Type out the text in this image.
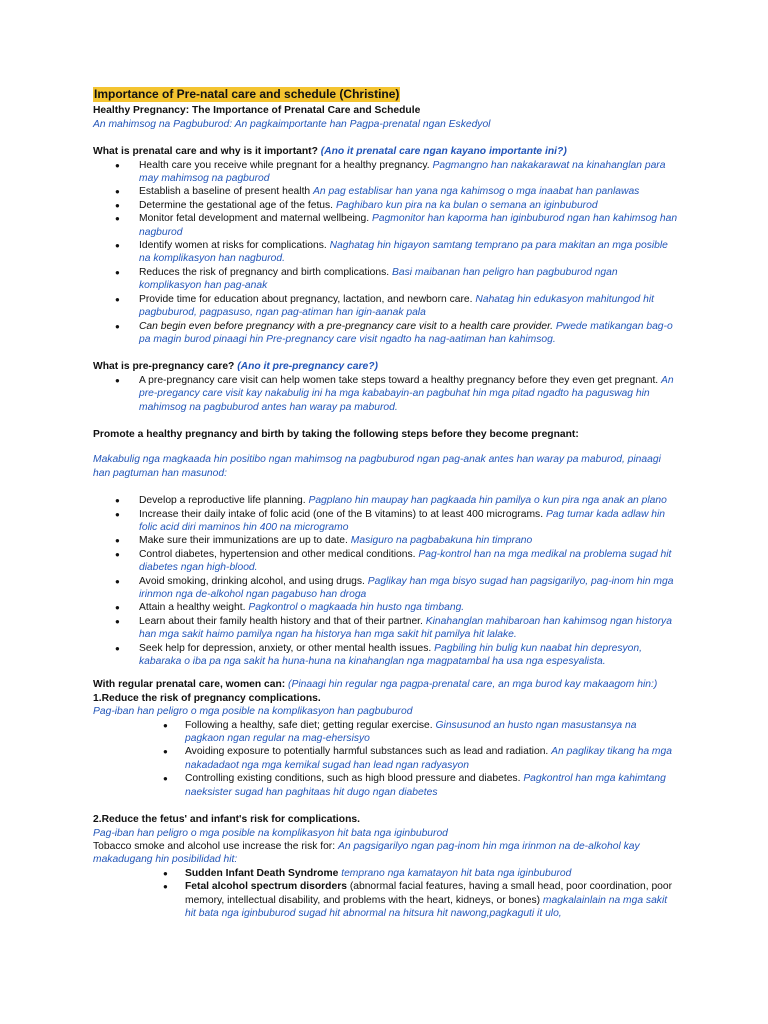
Importance of Pre-natal care and schedule (Christine)
Healthy Pregnancy: The Importance of Prenatal Care and Schedule
An mahimsog na Pagbuburod: An pagkaimportante han Pagpa-prenatal ngan Eskedyol
What is prenatal care and why is it important? (Ano it prenatal care ngan kayano importante ini?)
● Health care you receive while pregnant for a healthy pregnancy. Pagmangno han nakakarawat na kinahanglan para may mahimsog na pagburod
● Establish a baseline of present health An pag establisar han yana nga kahimsog o mga inaabat han panlawas
● Determine the gestational age of the fetus. Paghibaro kun pira na ka bulan o semana an iginbuburod
● Monitor fetal development and maternal wellbeing. Pagmonitor han kaporma han iginbuburod ngan han kahimsog han nagburod
● Identify women at risks for complications. Naghatag hin higayon samtang temprano pa para makitan an mga posible na komplikasyon han nagburod.
● Reduces the risk of pregnancy and birth complications. Basi maibanan han peligro han pagbuburod ngan komplikasyon han pag-anak
● Provide time for education about pregnancy, lactation, and newborn care. Nahatag hin edukasyon mahitungod hit pagbuburod, pagpasuso, ngan pag-atiman han igin-aanak pala
● Can begin even before pregnancy with a pre-pregnancy care visit to a health care provider. Pwede matikangan bag-o pa magin burod pinaagi hin Pre-pregnancy care visit ngadto ha nag-aatiman han kahimsog.
What is pre-pregnancy care? (Ano it pre-pregnancy care?)
● A pre-pregnancy care visit can help women take steps toward a healthy pregnancy before they even get pregnant. An pre-pregancy care visit kay nakabulig ini ha mga kababayin-an pagbuhat hin mga pitad ngadto ha paguswag hin mahimsog na pagbuburod antes han waray pa maburod.
Promote a healthy pregnancy and birth by taking the following steps before they become pregnant:
Makabulig nga magkaada hin positibo ngan mahimsog na pagbuburod ngan pag-anak antes han waray pa maburod, pinaagi han pagtuman han masunod:
● Develop a reproductive life planning. Pagplano hin maupay han pagkaada hin pamilya o kun pira nga anak an plano
● Increase their daily intake of folic acid (one of the B vitamins) to at least 400 micrograms. Pag tumar kada adlaw hin folic acid diri maminos hin 400 na microgramo
● Make sure their immunizations are up to date. Masiguro na pagbabakuna hin timprano
● Control diabetes, hypertension and other medical conditions. Pag-kontrol han na mga medikal na problema sugad hit diabetes ngan high-blood.
● Avoid smoking, drinking alcohol, and using drugs. Paglikay han mga bisyo sugad han pagsigarilyo, pag-inom hin mga irinmon nga de-alkohol ngan pagabuso han droga
● Attain a healthy weight. Pagkontrol o magkaada hin husto nga timbang.
● Learn about their family health history and that of their partner. Kinahanglan mahibaroan han kahimsog ngan historya han mga sakit haimo pamilya ngan ha historya han mga sakit hit pamilya hit lalake.
● Seek help for depression, anxiety, or other mental health issues. Pagbiling hin bulig kun naabat hin depresyon, kabaraka o iba pa nga sakit ha huna-huna na kinahanglan nga magpatambal ha usa nga espesyalista.
With regular prenatal care, women can: (Pinaagi hin regular nga pagpa-prenatal care, an mga burod kay makaagom hin:)
1.Reduce the risk of pregnancy complications.
Pag-iban han peligro o mga posible na komplikasyon han pagbuburod
● Following a healthy, safe diet; getting regular exercise. Ginsusunod an husto ngan masustansya na pagkaon ngan regular na mag-ehersisyo
● Avoiding exposure to potentially harmful substances such as lead and radiation. An paglikay tikang ha mga nakadadaot nga mga kemikal sugad han lead ngan radyasyon
● Controlling existing conditions, such as high blood pressure and diabetes. Pagkontrol han mga kahimtang naeksister sugad han paghitaas hit dugo ngan diabetes
2.Reduce the fetus' and infant's risk for complications.
Pag-iban han peligro o mga posible na komplikasyon hit bata nga iginbuburod
Tobacco smoke and alcohol use increase the risk for: An pagsigarilyo ngan pag-inom hin mga irinmon na de-alkohol kay makadugang hin posibilidad hit:
● Sudden Infant Death Syndrome temprano nga kamatayon hit bata nga iginbuburod
● Fetal alcohol spectrum disorders (abnormal facial features, having a small head, poor coordination, poor memory, intellectual disability, and problems with the heart, kidneys, or bones) magkalainlain na mga sakit hit bata nga iginbuburod sugad hit abnormal na hitsura hit nawong,pagkaguti it ulo,
